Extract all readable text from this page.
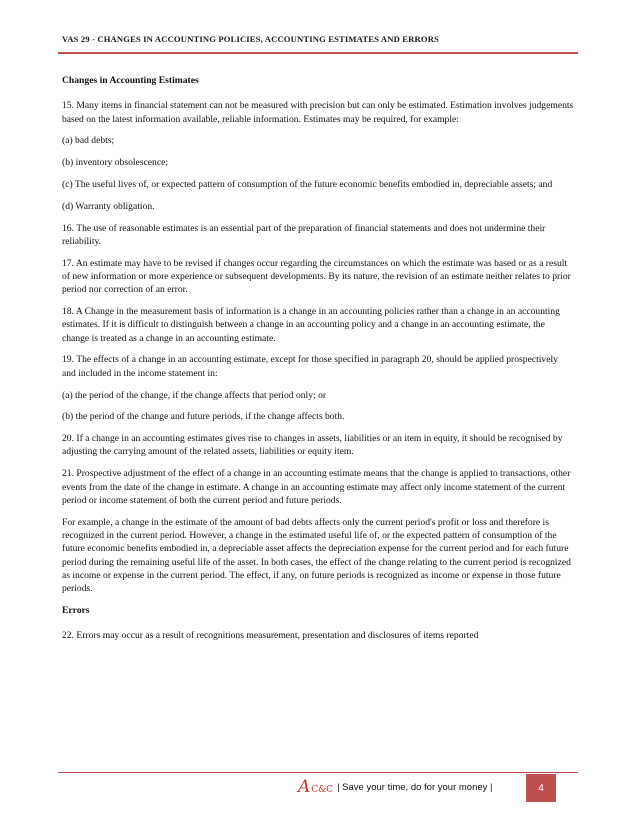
VAS 29 - CHANGES IN ACCOUNTING POLICIES, ACCOUNTING ESTIMATES AND ERRORS

Changes in Accounting Estimates

15. Many items in financial statement can not be measured with precision but can only be estimated. Estimation involves judgements based on the latest information available, reliable information. Estimates may be required, for example:

(a) bad debts;

(b) inventory obsolescence;

(c) The useful lives of, or expected pattern of consumption of the future economic benefits embodied in, depreciable assets; and

(d) Warranty obligation.

16. The use of reasonable estimates is an essential part of the preparation of financial statements and does not undermine their reliability.

17. An estimate may have to be revised if changes occur regarding the circumstances on which the estimate was based or as a result of new information or more experience or subsequent developments. By its nature, the revision of an estimate neither relates to prior period nor correction of an error.

18. A Change in the measurement basis of information is a change in an accounting policies rather than a change in an accounting estimates. If it is difficult to distinguish between a change in an accounting policy and a change in an accounting estimate, the change is treated as a change in an accounting estimate.

19. The effects of a change in an accounting estimate, except for those specified in paragraph 20, should be applied prospectively and included in the income statement in:

(a) the period of the change, if the change affects that period only; or

(b) the period of the change and future periods, if the change affects both.

20. If a change in an accounting estimates gives rise to changes in assets, liabilities or an item in equity, it should be recognised by adjusting the carrying amount of the related assets, liabilities or equity item.

21. Prospective adjustment of the effect of a change in an accounting estimate means that the change is applied to transactions, other events from the date of the change in estimate. A change in an accounting estimate may affect only income statement of the current period or income statement of both the current period and future periods.

For example, a change in the estimate of the amount of bad debts affects only the current period's profit or loss and therefore is recognized in the current period. However, a change in the estimated useful life of, or the expected pattern of consumption of the future economic benefits embodied in, a depreciable asset affects the depreciation expense for the current period and for each future period during the remaining useful life of the asset. In both cases, the effect of the change relating to the current period is recognized as income or expense in the current period. The effect, if any, on future periods is recognized as income or expense in those future periods.

Errors

22. Errors may occur as a result of recognitions measurement, presentation and disclosures of items reported

A C&C | Save your time, do for your money |	4
